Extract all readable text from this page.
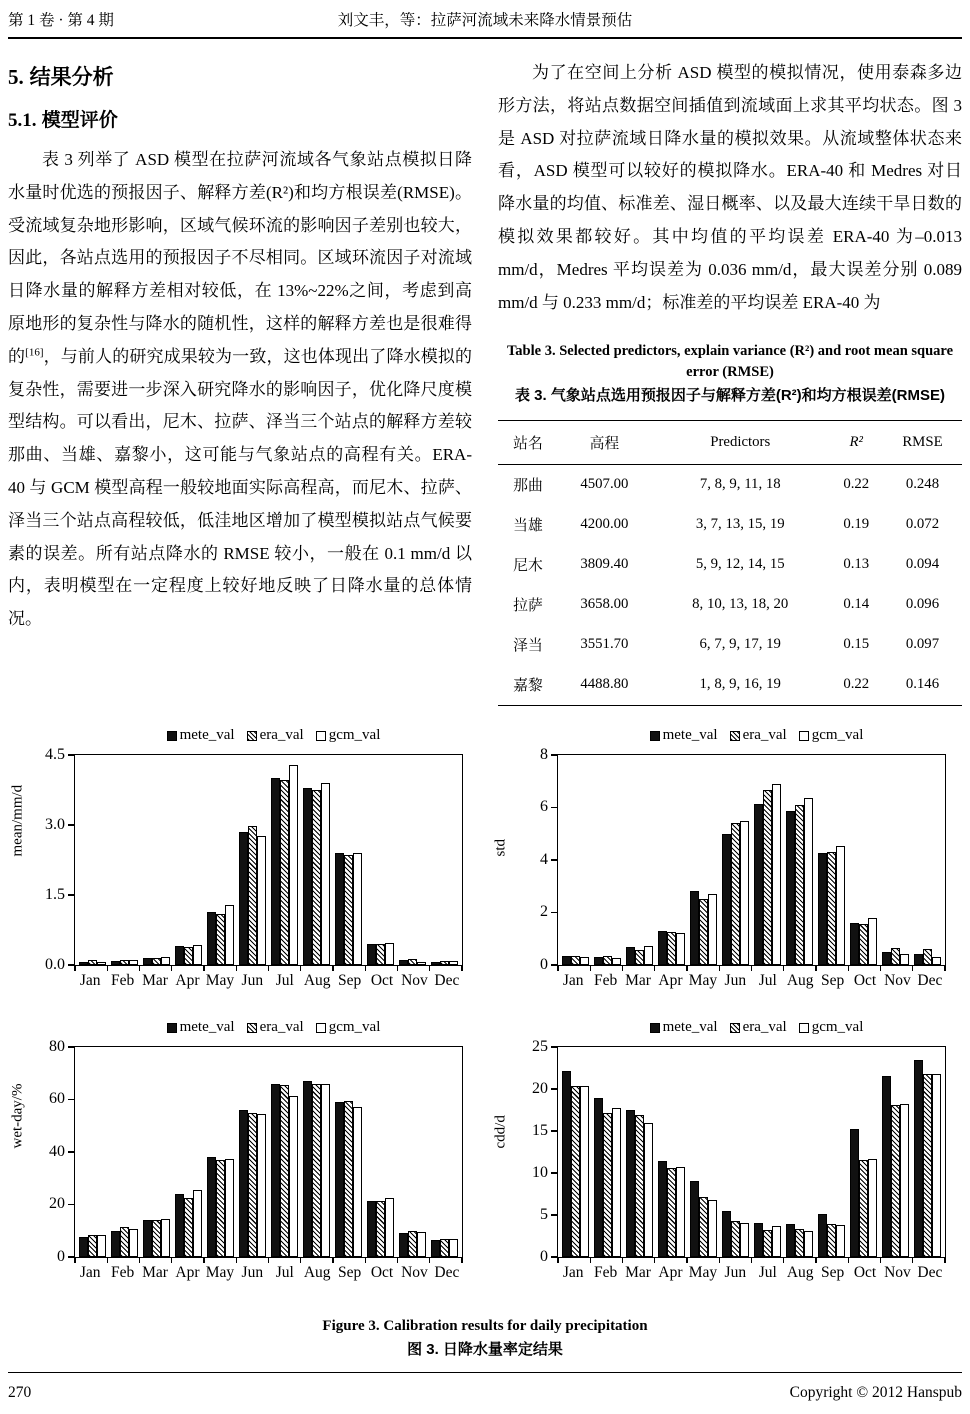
第 1 卷 · 第 4 期	刘文丰，等：拉萨河流域未来降水情景预估
5. 结果分析
5.1. 模型评价

表 3 列举了 ASD 模型在拉萨河流域各气象站点模拟日降水量时优选的预报因子、解释方差(R²)和均方根误差(RMSE)。受流域复杂地形影响，区域气候环流的影响因子差别也较大，因此，各站点选用的预报因子不尽相同。区域环流因子对流域日降水量的解释方差相对较低，在 13%~22%之间，考虑到高原地形的复杂性与降水的随机性，这样的解释方差也是很难得的[16]，与前人的研究成果较为一致，这也体现出了降水模拟的复杂性，需要进一步深入研究降水的影响因子，优化降尺度模型结构。可以看出，尼木、拉萨、泽当三个站点的解释方差较那曲、当雄、嘉黎小，这可能与气象站点的高程有关。ERA-40 与 GCM 模型高程一般较地面实际高程高，而尼木、拉萨、泽当三个站点高程较低，低洼地区增加了模型模拟站点气候要素的误差。所有站点降水的 RMSE 较小，一般在 0.1 mm/d 以内，表明模型在一定程度上较好地反映了日降水量的总体情况。

为了在空间上分析 ASD 模型的模拟情况，使用泰森多边形方法，将站点数据空间插值到流域面上求其平均状态。图 3 是 ASD 对拉萨流域日降水量的模拟效果。从流域整体状态来看，ASD 模型可以较好的模拟降水。ERA-40 和 Medres 对日降水量的均值、标准差、湿日概率、以及最大连续干旱日数的模拟效果都较好。其中均值的平均误差 ERA-40 为–0.013 mm/d，Medres 平均误差为 0.036 mm/d，最大误差分别 0.089 mm/d 与 0.233 mm/d；标准差的平均误差 ERA-40 为

Table 3. Selected predictors, explain variance (R²) and root mean square error (RMSE)
表 3. 气象站点选用预报因子与解释方差(R²)和均方根误差(RMSE)
站名	高程	Predictors	R²	RMSE
那曲	4507.00	7, 8, 9, 11, 18	0.22	0.248
当雄	4200.00	3, 7, 13, 15, 19	0.19	0.072
尼木	3809.40	5, 9, 12, 14, 15	0.13	0.094
拉萨	3658.00	8, 10, 13, 18, 20	0.14	0.096
泽当	3551.70	6, 7, 9, 17, 19	0.15	0.097
嘉黎	4488.80	1, 8, 9, 16, 19	0.22	0.146
mete_val era_val gcm_val
mean/mm/d
0.0
1.5
3.0
4.5
Jan Feb Mar Apr May Jun Jul Aug Sep Oct Nov Dec
mete_val era_val gcm_val
std
0
2
4
6
8
Jan Feb Mar Apr May Jun Jul Aug Sep Oct Nov Dec
mete_val era_val gcm_val
wet-day/%
0
20
40
60
80
Jan Feb Mar Apr May Jun Jul Aug Sep Oct Nov Dec
mete_val era_val gcm_val
cdd/d
0
5
10
15
20
25
Jan Feb Mar Apr May Jun Jul Aug Sep Oct Nov Dec
Figure 3. Calibration results for daily precipitation
图 3. 日降水量率定结果
270	Copyright © 2012 Hanspub
